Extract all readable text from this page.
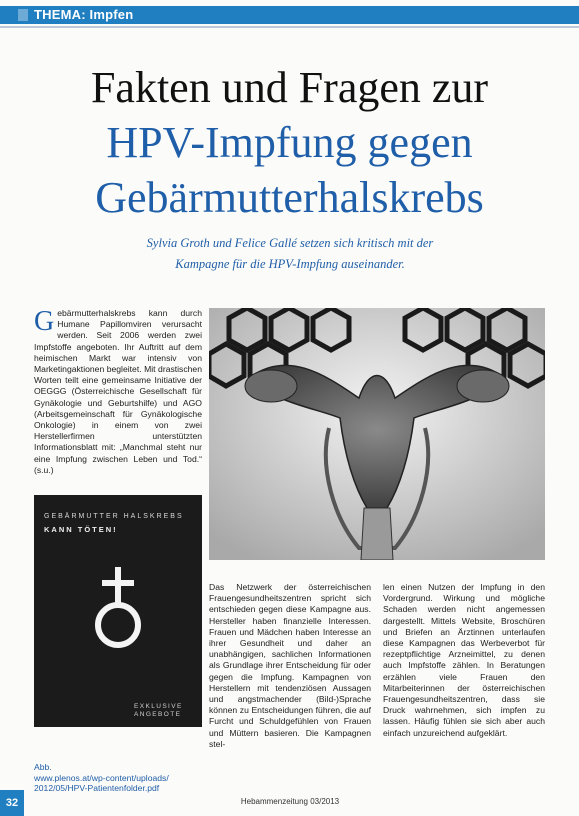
THEMA: Impfen
Fakten und Fragen zur
HPV-Impfung gegen
Gebärmutterhalskrebs
Sylvia Groth und Felice Gallé setzen sich kritisch mit der
Kampagne für die HPV-Impfung auseinander.
G ebärmutterhalskrebs kann durch Humane Papillomviren verursacht werden. Seit 2006 werden zwei Impfstoffe angeboten. Ihr Auftritt auf dem heimischen Markt war intensiv von Marketingaktionen begleitet. Mit drastischen Worten teilt eine gemeinsame Initiative der OEGGG (Österreichische Gesellschaft für Gynäkologie und Geburtshilfe) und AGO (Arbeitsgemeinschaft für Gynäkologische Onkologie) in einem von zwei Herstellerfirmen unterstützten Informationsblatt mit: „Manchmal steht nur eine Impfung zwischen Leben und Tod.“ (s.u.)
GEBÄRMUTTER HALSKREBS
KANN TÖTEN!
EXKLUSIVE ANGEBOTE
Abb.
www.plenos.at/wp-content/uploads/
2012/05/HPV-Patientenfolder.pdf
Das Netzwerk der österreichischen Frauengesundheitszentren spricht sich entschieden gegen diese Kampagne aus. Hersteller haben finanzielle Interessen. Frauen und Mädchen haben Interesse an ihrer Gesundheit und daher an unabhängigen, sachlichen Informationen als Grundlage ihrer Entscheidung für oder gegen die Impfung. Kampagnen von Herstellern mit tendenziösen Aussagen und angstmachender (Bild-)Sprache können zu Entscheidungen führen, die auf Furcht und Schuldgefühlen von Frauen und Müttern basieren. Die Kampagnen stel-
len einen Nutzen der Impfung in den Vordergrund. Wirkung und mögliche Schaden werden nicht angemessen dargestellt. Mittels Website, Broschüren und Briefen an Ärztinnen unterlaufen diese Kampagnen das Werbeverbot für rezeptpflichtige Arzneimittel, zu denen auch Impfstoffe zählen. In Beratungen erzählen viele Frauen den Mitarbeiterinnen der österreichischen Frauengesundheitszentren, dass sie Druck wahrnehmen, sich impfen zu lassen. Häufig fühlen sie sich aber auch einfach unzureichend aufgeklärt.
32	Hebammenzeitung 03/2013
